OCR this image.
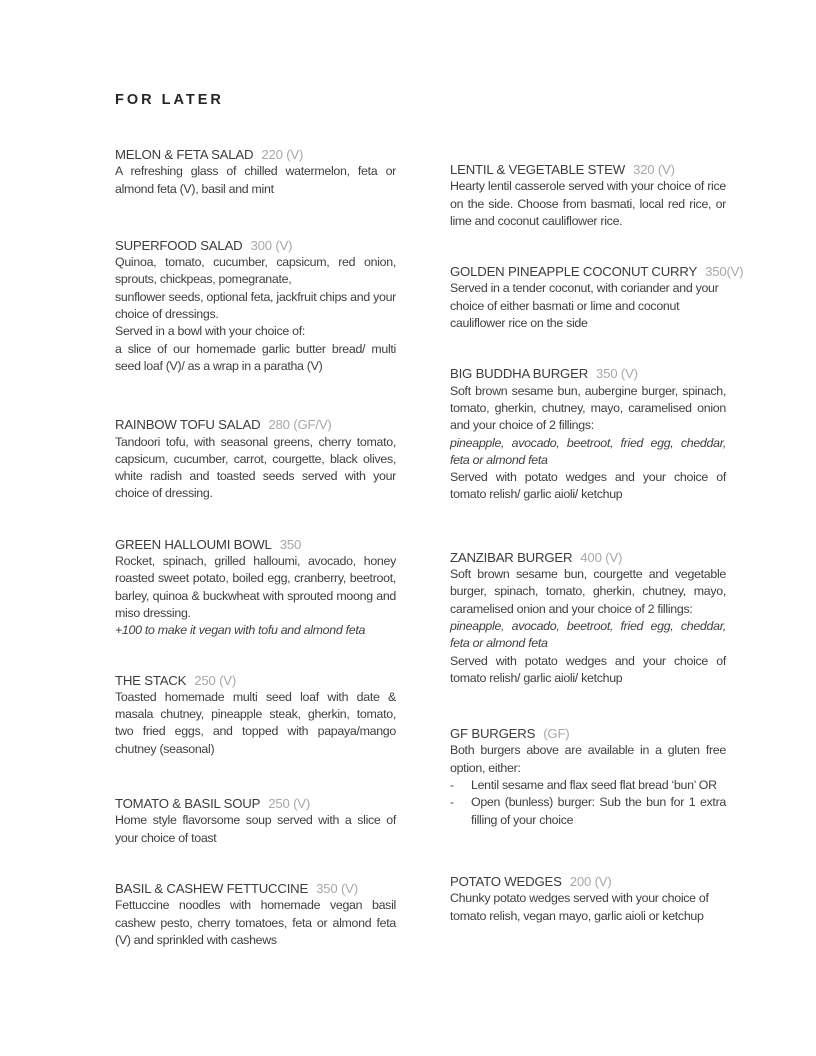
FOR LATER
MELON & FETA SALAD 220 (V)
A refreshing glass of chilled watermelon, feta or almond feta (V), basil and mint
SUPERFOOD SALAD 300 (V)
Quinoa, tomato, cucumber, capsicum, red onion, sprouts, chickpeas, pomegranate,
sunflower seeds, optional feta, jackfruit chips and your choice of dressings.
Served in a bowl with your choice of:
a slice of our homemade garlic butter bread/ multi seed loaf (V)/ as a wrap in a paratha (V)
RAINBOW TOFU SALAD 280 (GF/V)
Tandoori tofu, with seasonal greens, cherry tomato, capsicum, cucumber, carrot, courgette, black olives, white radish and toasted seeds served with your choice of dressing.
GREEN HALLOUMI BOWL 350
Rocket, spinach, grilled halloumi, avocado, honey roasted sweet potato, boiled egg, cranberry, beetroot, barley, quinoa & buckwheat with sprouted moong and miso dressing.
+100 to make it vegan with tofu and almond feta
THE STACK 250 (V)
Toasted homemade multi seed loaf with date & masala chutney, pineapple steak, gherkin, tomato, two fried eggs, and topped with papaya/mango chutney (seasonal)
TOMATO & BASIL SOUP 250 (V)
Home style flavorsome soup served with a slice of your choice of toast
BASIL & CASHEW FETTUCCINE 350 (V)
Fettuccine noodles with homemade vegan basil cashew pesto, cherry tomatoes, feta or almond feta (V) and sprinkled with cashews
LENTIL & VEGETABLE STEW 320 (V)
Hearty lentil casserole served with your choice of rice on the side. Choose from basmati, local red rice, or lime and coconut cauliflower rice.
GOLDEN PINEAPPLE COCONUT CURRY 350(V)
Served in a tender coconut, with coriander and your choice of either basmati or lime and coconut cauliflower rice on the side
BIG BUDDHA BURGER 350 (V)
Soft brown sesame bun, aubergine burger, spinach, tomato, gherkin, chutney, mayo, caramelised onion and your choice of 2 fillings:
pineapple, avocado, beetroot, fried egg, cheddar, feta or almond feta
Served with potato wedges and your choice of tomato relish/ garlic aioli/ ketchup
ZANZIBAR BURGER 400 (V)
Soft brown sesame bun, courgette and vegetable burger, spinach, tomato, gherkin, chutney, mayo, caramelised onion and your choice of 2 fillings:
pineapple, avocado, beetroot, fried egg, cheddar, feta or almond feta
Served with potato wedges and your choice of tomato relish/ garlic aioli/ ketchup
GF BURGERS (GF)
Both burgers above are available in a gluten free option, either:
-	Lentil sesame and flax seed flat bread ‘bun’ OR
-	Open (bunless) burger: Sub the bun for 1 extra filling of your choice
POTATO WEDGES 200 (V)
Chunky potato wedges served with your choice of tomato relish, vegan mayo, garlic aioli or ketchup
